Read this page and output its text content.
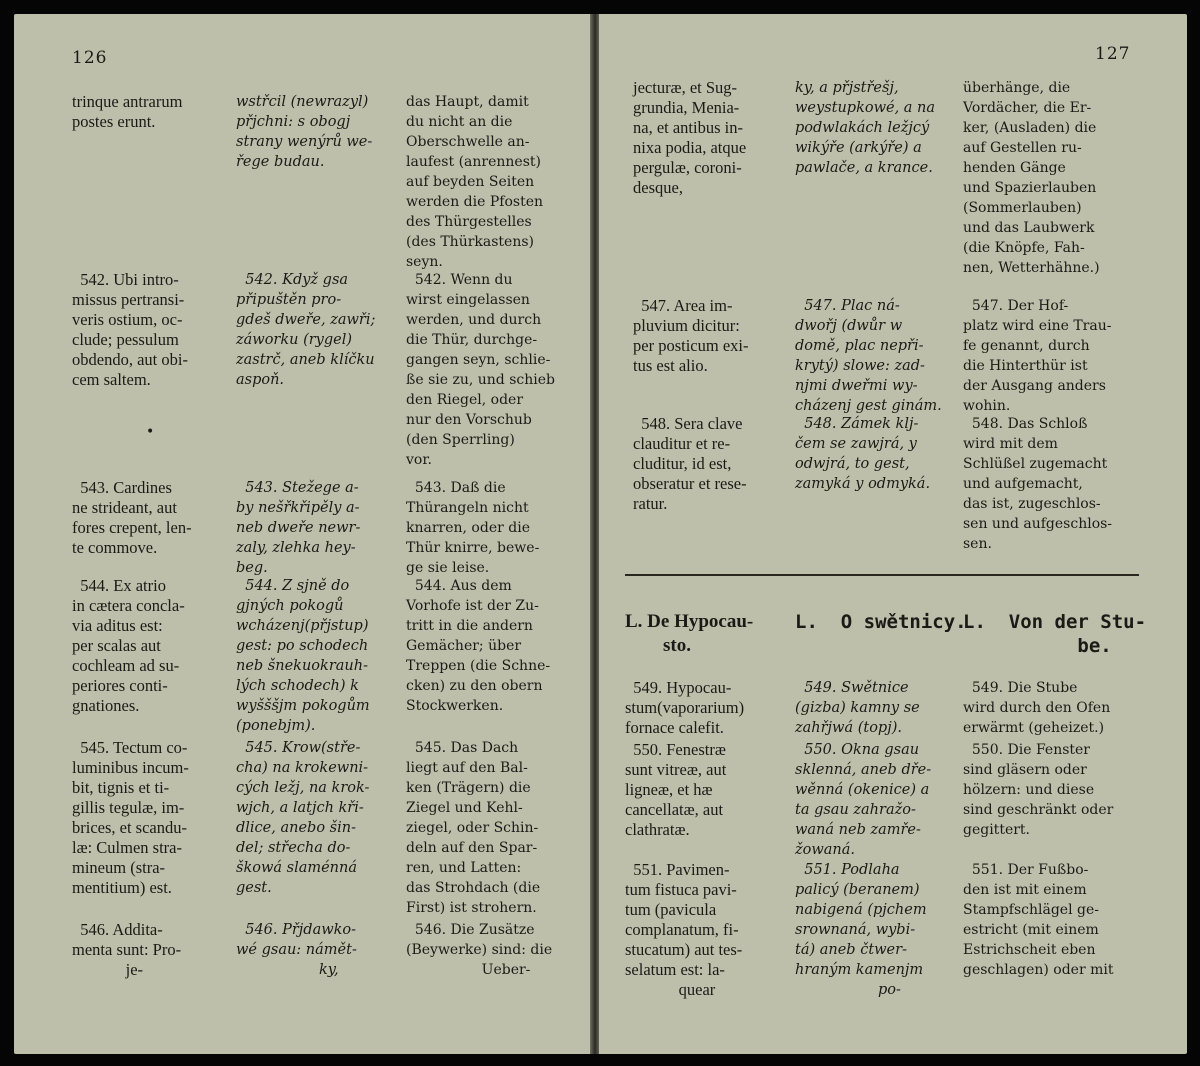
126
trinque antrarum
postes erunt.
wstřcil (newrazyl)
přjchni: s obogj
strany wenýrů we-
řege budau.
das Haupt, damit
du nicht an die
Oberschwelle an-
laufest (anrennest)
auf beyden Seiten
werden die Pfosten
des Thürgestelles
(des Thürkastens)
seyn.
542. Ubi intro-
missus pertransi-
veris ostium, oc-
clude; pessulum
obdendo, aut obi-
cem saltem.
542. Když gsa
připuštěn pro-
gdeš dweře, zawři;
záworku (rygel)
zastrč, aneb klíčku
aspoň.
542. Wenn du
wirst eingelassen
werden, und durch
die Thür, durchge-
gangen seyn, schlie-
ße sie zu, und schieb
den Riegel, oder
nur den Vorschub
(den Sperrling)
vor.
•
543. Cardines
ne strideant, aut
fores crepent, len-
te commove.
543. Stežege a-
by nešřkřipěly a-
neb dweře newr-
zaly, zlehka hey-
beg.
543. Daß die
Thürangeln nicht
knarren, oder die
Thür knirre, bewe-
ge sie leise.
544. Ex atrio
in cætera concla-
via aditus est:
per scalas aut
cochleam ad su-
periores conti-
gnationes.
544. Z sjně do
gjných pokogů
wcházenj(přjstup)
gest: po schodech
neb šnekuokrauh-
lých schodech) k
wyšššjm pokogům
(ponebjm).
544. Aus dem
Vorhofe ist der Zu-
tritt in die andern
Gemächer; über
Treppen (die Schne-
cken) zu den obern
Stockwerken.
545. Tectum co-
luminibus incum-
bit, tignis et ti-
gillis tegulæ, im-
brices, et scandu-
læ: Culmen stra-
mineum (stra-
mentitium) est.
545. Krow(stře-
cha) na krokewni-
cých ležj, na krok-
wjch, a latjch kři-
dlice, anebo šin-
del; střecha do-
škowá slaménná
gest.
545. Das Dach
liegt auf den Bal-
ken (Trägern) die
Ziegel und Kehl-
ziegel, oder Schin-
deln auf den Spar-
ren, und Latten:
das Strohdach (die
First) ist strohern.
546. Addita-
menta sunt: Pro-
je-
546. Přjdawko-
wé gsau: námět-
ky,
546. Die Zusätze
(Beywerke) sind: die
Ueber-
127
jecturæ, et Sug-
grundia, Menia-
na, et antibus in-
nixa podia, atque
pergulæ, coroni-
desque,
ky, a přjstřešj,
weystupkowé, a na
podwlakách ležjcý
wikýře (arkýře) a
pawlače, a krance.
überhänge, die
Vordächer, die Er-
ker, (Ausladen) die
auf Gestellen ru-
henden Gänge
und Spazierlauben
(Sommerlauben)
und das Laubwerk
(die Knöpfe, Fah-
nen, Wetterhähne.)
547. Area im-
pluvium dicitur:
per posticum exi-
tus est alio.
547. Plac ná-
dwořj (dwůr w
domě, plac nepři-
krytý) slowe: zad-
njmi dweřmi wy-
cházenj gest ginám.
547. Der Hof-
platz wird eine Trau-
fe genannt, durch
die Hinterthür ist
der Ausgang anders
wohin.
548. Sera clave
clauditur et re-
cluditur, id est,
obseratur et rese-
ratur.
548. Zámek klj-
čem se zawjrá, y
odwjrá, to gest,
zamyká y odmyká.
548. Das Schloß
wird mit dem
Schlüßel zugemacht
und aufgemacht,
das ist, zugeschlos-
sen und aufgeschlos-
sen.
L. De Hypocau-
sto.
L.  O swětnicy.
L.  Von der Stu-
be.
549. Hypocau-
stum(vaporarium)
fornace calefit.
549. Swětnice
(gizba) kamny se
zahřjwá (topj).
549. Die Stube
wird durch den Ofen
erwärmt (geheizet.)
550. Fenestræ
sunt vitreæ, aut
ligneæ, et hæ
cancellatæ, aut
clathratæ.
550. Okna gsau
sklenná, aneb dře-
wěnná (okenice) a
ta gsau zahražo-
waná neb zamře-
žowaná.
550. Die Fenster
sind gläsern oder
hölzern: und diese
sind geschränkt oder
gegittert.
551. Pavimen-
tum fistuca pavi-
tum (pavicula
complanatum, fi-
stucatum) aut tes-
selatum est: la-
quear
551. Podlaha
palicý (beranem)
nabigená (pjchem
srownaná, wybi-
tá) aneb čtwer-
hraným kamenjm
po-
551. Der Fußbo-
den ist mit einem
Stampfschlägel ge-
estricht (mit einem
Estrichscheit eben
geschlagen) oder mit
